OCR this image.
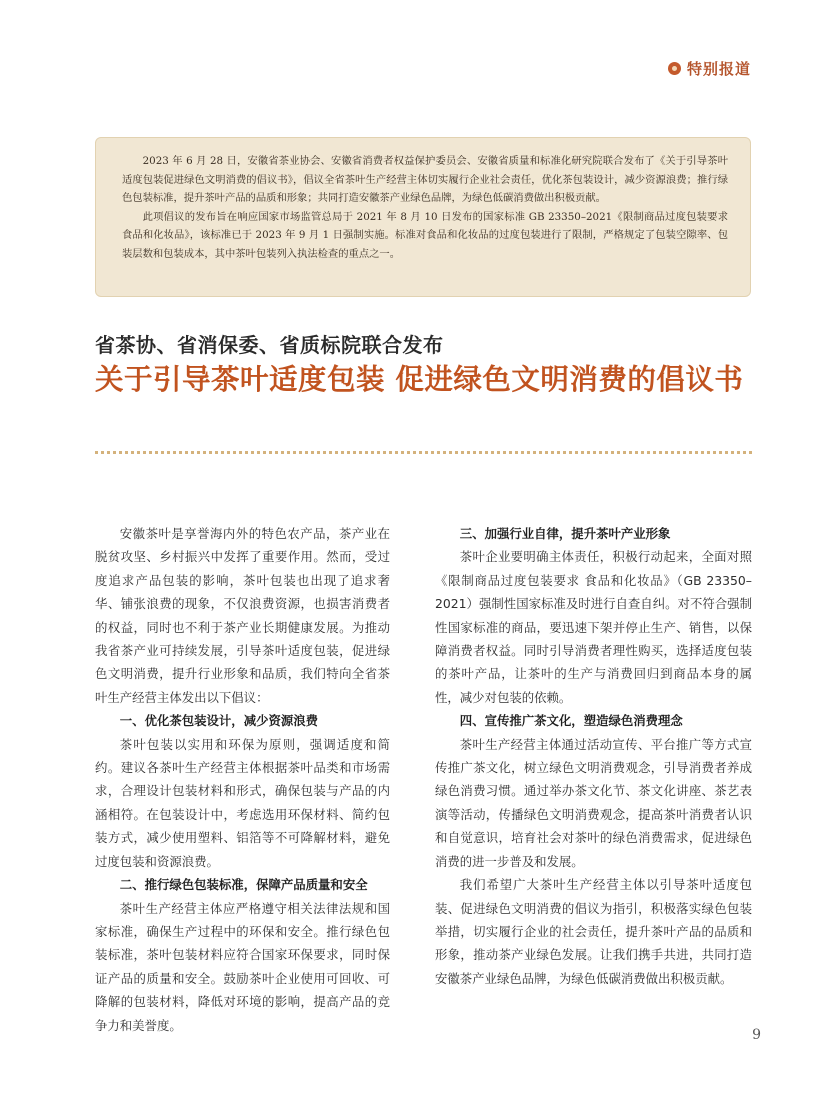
特别报道

2023 年 6 月 28 日，安徽省茶业协会、安徽省消费者权益保护委员会、安徽省质量和标准化研究院联合发布了《关于引导茶叶适度包装促进绿色文明消费的倡议书》，倡议全省茶叶生产经营主体切实履行企业社会责任，优化茶包装设计，减少资源浪费；推行绿色包装标准，提升茶叶产品的品质和形象；共同打造安徽茶产业绿色品牌，为绿色低碳消费做出积极贡献。

此项倡议的发布旨在响应国家市场监管总局于 2021 年 8 月 10 日发布的国家标准 GB 23350–2021《限制商品过度包装要求 食品和化妆品》，该标准已于 2023 年 9 月 1 日强制实施。标准对食品和化妆品的过度包装进行了限制，严格规定了包装空隙率、包装层数和包装成本，其中茶叶包装列入执法检查的重点之一。

省茶协、省消保委、省质标院联合发布
关于引导茶叶适度包装 促进绿色文明消费的倡议书

安徽茶叶是享誉海内外的特色农产品，茶产业在脱贫攻坚、乡村振兴中发挥了重要作用。然而，受过度追求产品包装的影响，茶叶包装也出现了追求奢华、铺张浪费的现象，不仅浪费资源，也损害消费者的权益，同时也不利于茶产业长期健康发展。为推动我省茶产业可持续发展，引导茶叶适度包装，促进绿色文明消费，提升行业形象和品质，我们特向全省茶叶生产经营主体发出以下倡议：

一、优化茶包装设计，减少资源浪费

茶叶包装以实用和环保为原则，强调适度和简约。建议各茶叶生产经营主体根据茶叶品类和市场需求，合理设计包装材料和形式，确保包装与产品的内涵相符。在包装设计中，考虑选用环保材料、简约包装方式，减少使用塑料、铝箔等不可降解材料，避免过度包装和资源浪费。

二、推行绿色包装标准，保障产品质量和安全

茶叶生产经营主体应严格遵守相关法律法规和国家标准，确保生产过程中的环保和安全。推行绿色包装标准，茶叶包装材料应符合国家环保要求，同时保证产品的质量和安全。鼓励茶叶企业使用可回收、可降解的包装材料，降低对环境的影响，提高产品的竞争力和美誉度。

三、加强行业自律，提升茶叶产业形象

茶叶企业要明确主体责任，积极行动起来，全面对照《限制商品过度包装要求 食品和化妆品》（GB 23350–2021）强制性国家标准及时进行自查自纠。对不符合强制性国家标准的商品，要迅速下架并停止生产、销售，以保障消费者权益。同时引导消费者理性购买，选择适度包装的茶叶产品，让茶叶的生产与消费回归到商品本身的属性，减少对包装的依赖。

四、宣传推广茶文化，塑造绿色消费理念

茶叶生产经营主体通过活动宣传、平台推广等方式宣传推广茶文化，树立绿色文明消费观念，引导消费者养成绿色消费习惯。通过举办茶文化节、茶文化讲座、茶艺表演等活动，传播绿色文明消费观念，提高茶叶消费者认识和自觉意识，培育社会对茶叶的绿色消费需求，促进绿色消费的进一步普及和发展。

我们希望广大茶叶生产经营主体以引导茶叶适度包装、促进绿色文明消费的倡议为指引，积极落实绿色包装举措，切实履行企业的社会责任，提升茶叶产品的品质和形象，推动茶产业绿色发展。让我们携手共进，共同打造安徽茶产业绿色品牌，为绿色低碳消费做出积极贡献。

9
